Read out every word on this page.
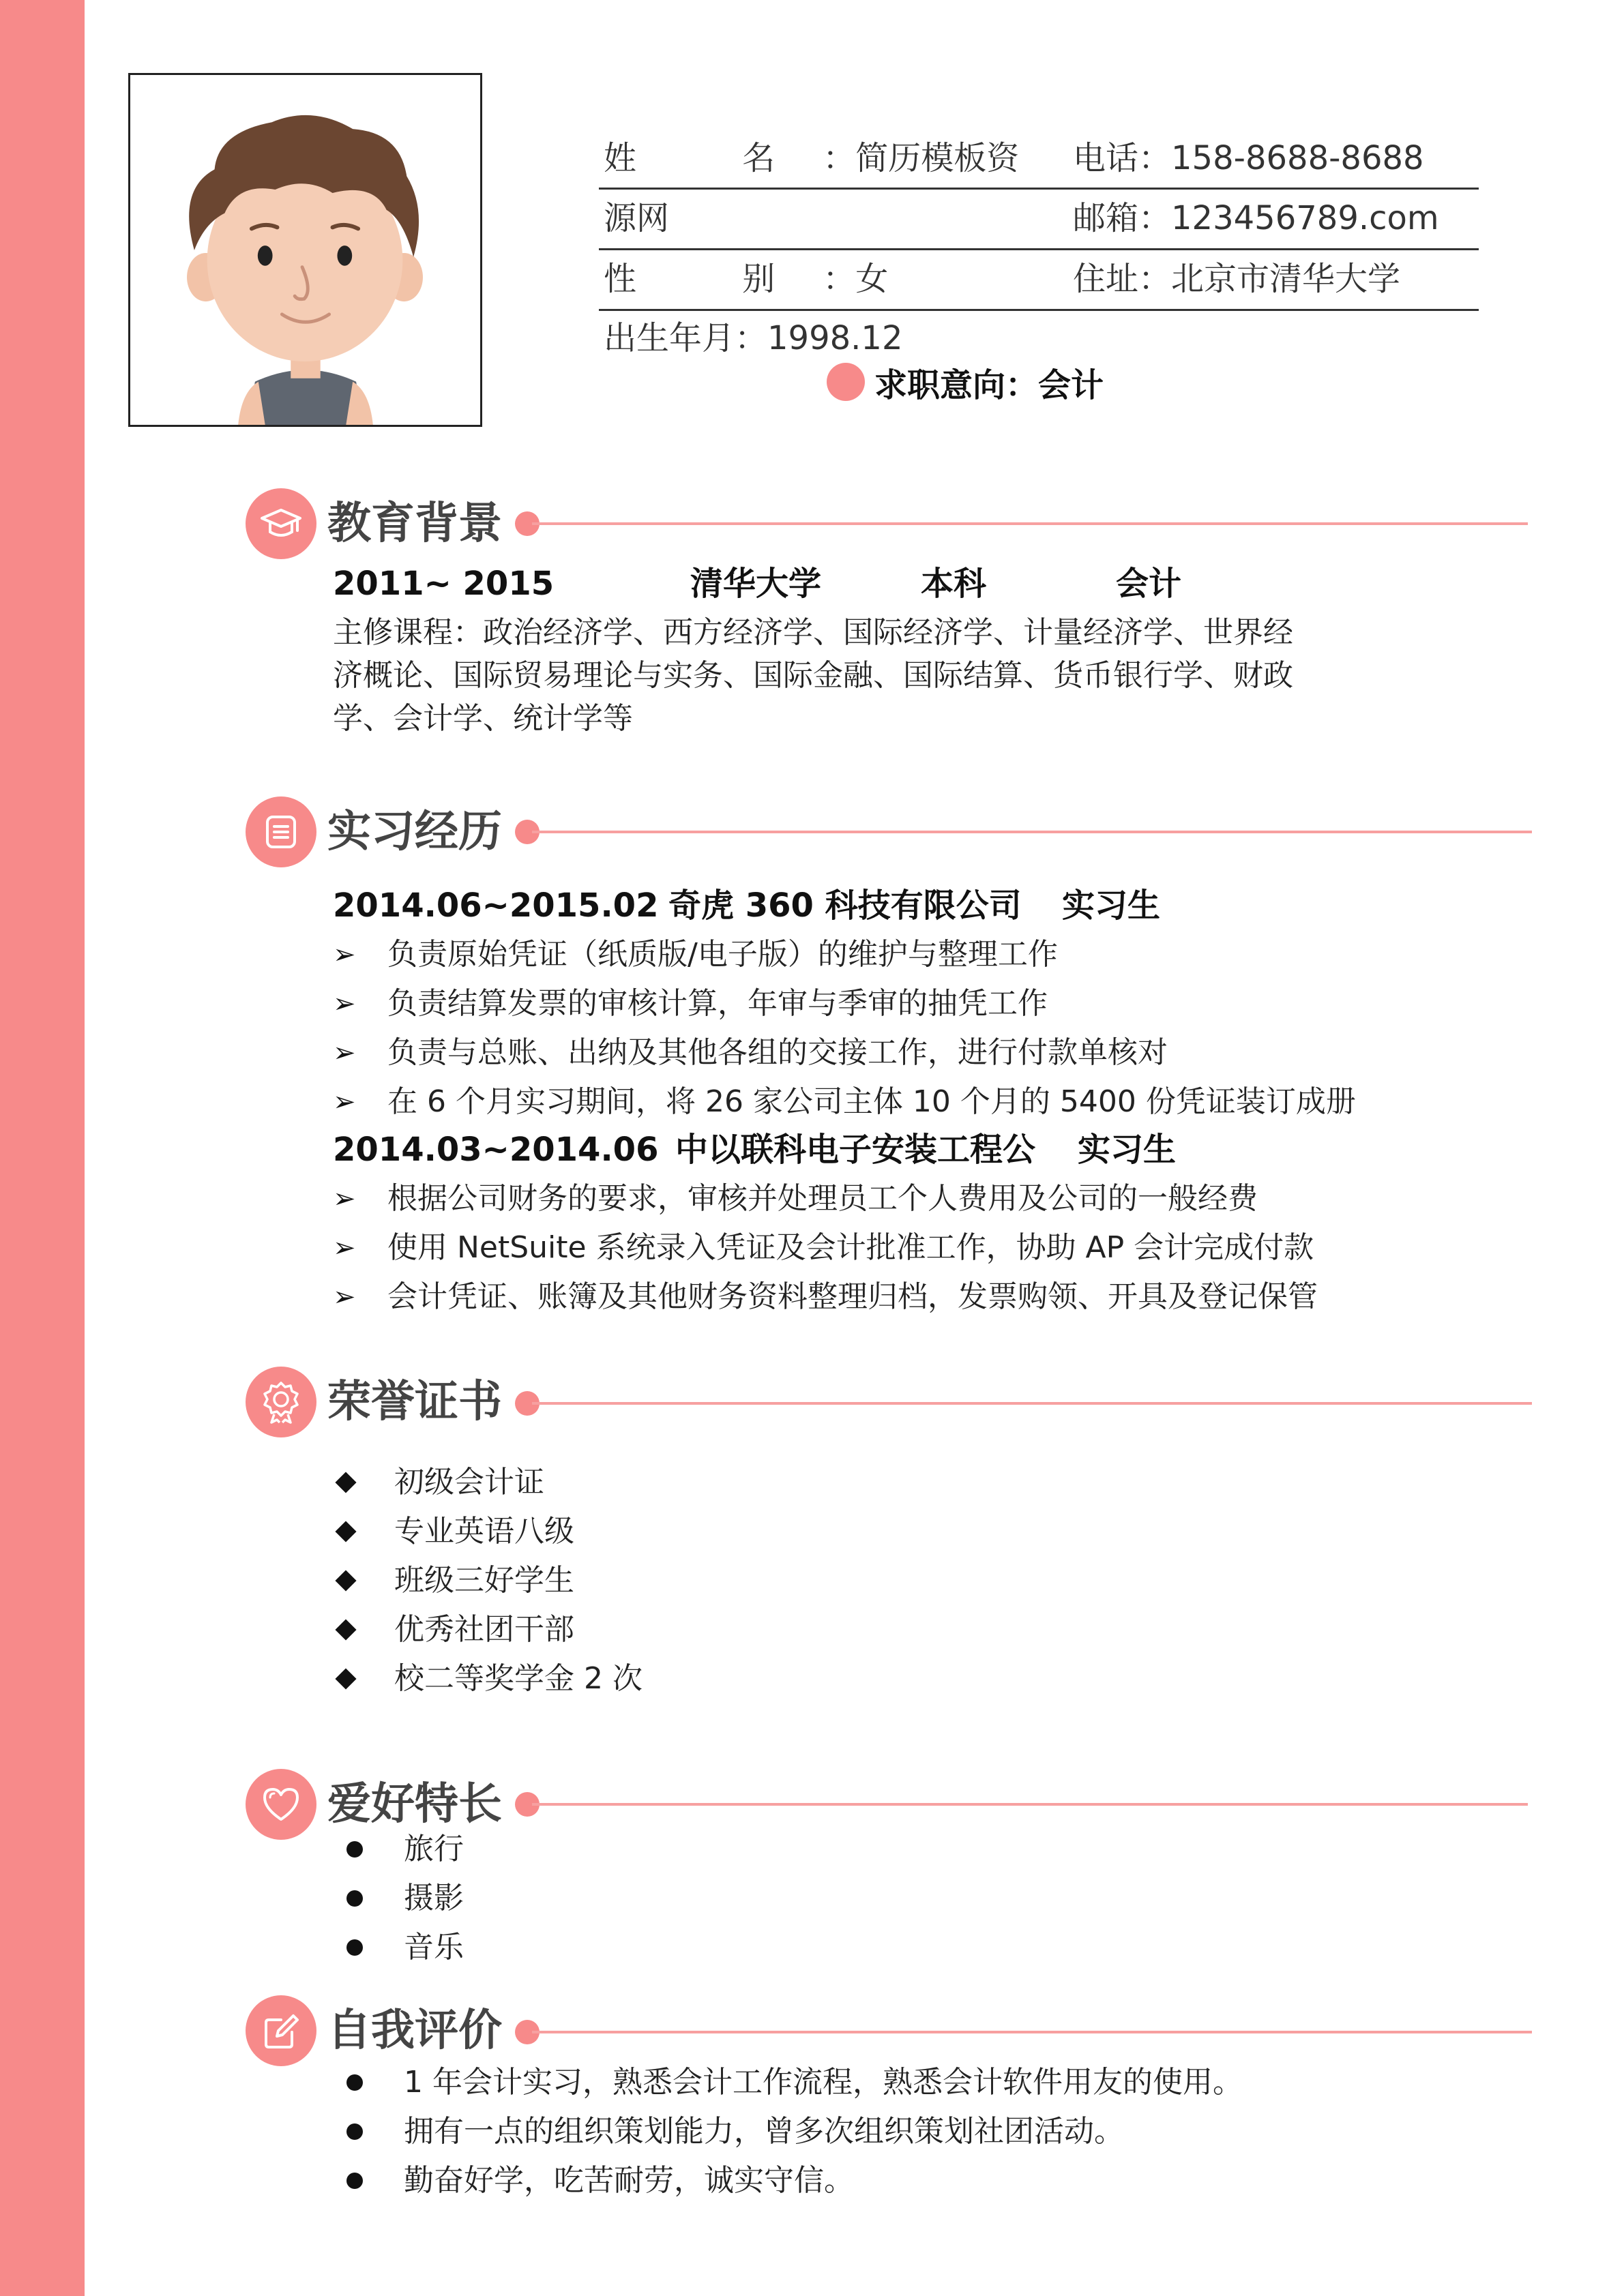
姓 名：简历模板资 电话：158-8688-8688
源网	邮箱：123456789.com
性 别：女	住址：北京市清华大学
出生年月：1998.12
求职意向：会计
教育背景
2011~ 2015	清华大学	本科	会计
主修课程：政治经济学、西方经济学、国际经济学、计量经济学、世界经
济概论、国际贸易理论与实务、国际金融、国际结算、货币银行学、财政
学、会计学、统计学等
实习经历
2014.06~2015.02 奇虎 360 科技有限公司 实习生
➢	负责原始凭证（纸质版/电子版）的维护与整理工作
➢	负责结算发票的审核计算，年审与季审的抽凭工作
➢	负责与总账、出纳及其他各组的交接工作，进行付款单核对
➢	在 6 个月实习期间，将 26 家公司主体 10 个月的 5400 份凭证装订成册
2014.03~2014.06 中以联科电子安装工程公 实习生
➢	根据公司财务的要求，审核并处理员工个人费用及公司的一般经费
➢	使用 NetSuite 系统录入凭证及会计批准工作，协助 AP 会计完成付款
➢	会计凭证、账簿及其他财务资料整理归档，发票购领、开具及登记保管
荣誉证书
初级会计证
专业英语八级
班级三好学生
优秀社团干部
校二等奖学金 2 次
爱好特长
旅行
摄影
音乐
自我评价
1 年会计实习，熟悉会计工作流程，熟悉会计软件用友的使用。
拥有一点的组织策划能力，曾多次组织策划社团活动。
勤奋好学，吃苦耐劳，诚实守信。
